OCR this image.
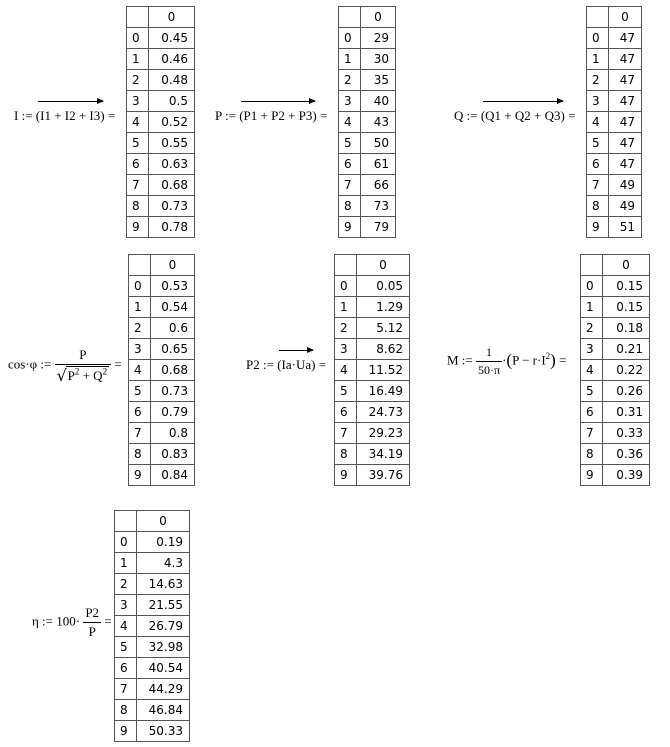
I := (I1 + I2 + I3) =	P := (P1 + P2 + P3) =	Q := (Q1 + Q2 + Q3) =
cos·φ := $\frac{P}{√ P^2 + Q^2}$ =	P2 := (Ia·Ua) =	M := $\frac{1}{50\cdot\pi} \cdot(P - r\cdot I^2)$ =
η := $100\cdot \frac{P2}{P}$ =
	0
0	0.45
1	0.46
2	0.48
3	0.5
4	0.52
5	0.55
6	0.63
7	0.68
8	0.73
9	0.78
	0
0	29
1	30
2	35
3	40
4	43
5	50
6	61
7	66
8	73
9	79
	0
0	47
1	47
2	47
3	47
4	47
5	47
6	47
7	49
8	49
9	51
	0
0	0.53
1	0.54
2	0.6
3	0.65
4	0.68
5	0.73
6	0.79
7	0.8
8	0.83
9	0.84
	0
0	0.05
1	1.29
2	5.12
3	8.62
4	11.52
5	16.49
6	24.73
7	29.23
8	34.19
9	39.76
	0
0	0.15
1	0.15
2	0.18
3	0.21
4	0.22
5	0.26
6	0.31
7	0.33
8	0.36
9	0.39
	0
0	0.19
1	4.3
2	14.63
3	21.55
4	26.79
5	32.98
6	40.54
7	44.29
8	46.84
9	50.33
